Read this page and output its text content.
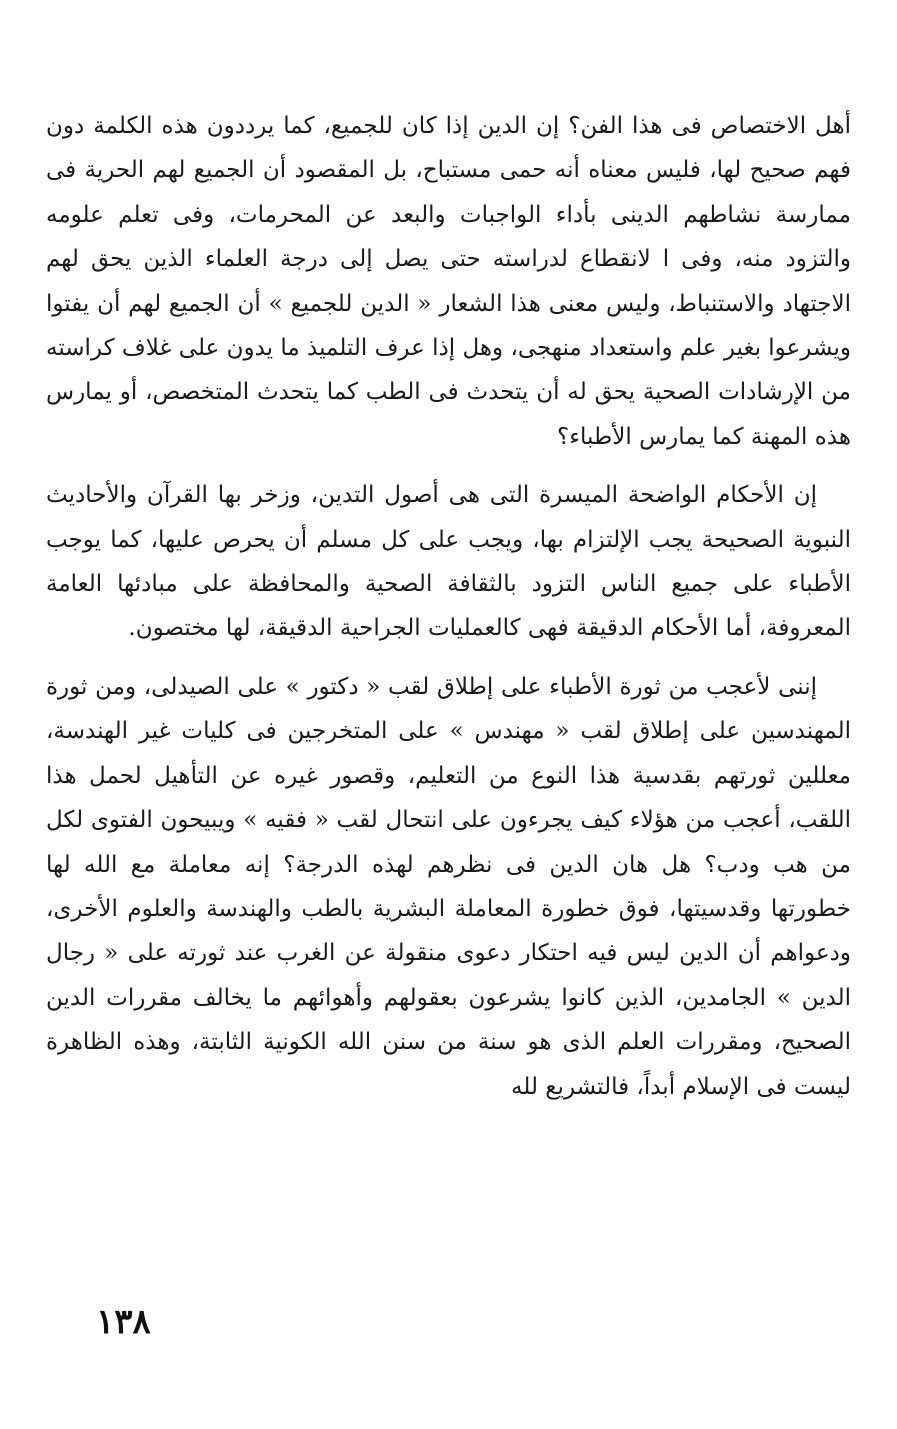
أهل الاختصاص فى هذا الفن؟ إن الدين إذا كان للجميع، كما يرددون هذه الكلمة دون فهم صحيح لها، فليس معناه أنه حمى مستباح، بل المقصود أن الجميع لهم الحرية فى ممارسة نشاطهم الدينى بأداء الواجبات والبعد عن المحرمات، وفى تعلم علومه والتزود منه، وفى ا لانقطاع لدراسته حتى يصل إلى درجة العلماء الذين يحق لهم الاجتهاد والاستنباط، وليس معنى هذا الشعار « الدين للجميع » أن الجميع لهم أن يفتوا ويشرعوا بغير علم واستعداد منهجى، وهل إذا عرف التلميذ ما يدون على غلاف كراسته من الإرشادات الصحية يحق له أن يتحدث فى الطب كما يتحدث المتخصص، أو يمارس هذه المهنة كما يمارس الأطباء؟

إن الأحكام الواضحة الميسرة التى هى أصول التدين، وزخر بها القرآن والأحاديث النبوية الصحيحة يجب الإلتزام بها، ويجب على كل مسلم أن يحرص عليها، كما يوجب الأطباء على جميع الناس التزود بالثقافة الصحية والمحافظة على مبادئها العامة المعروفة، أما الأحكام الدقيقة فهى كالعمليات الجراحية الدقيقة، لها مختصون.

إننى لأعجب من ثورة الأطباء على إطلاق لقب « دكتور » على الصيدلى، ومن ثورة المهندسين على إطلاق لقب « مهندس » على المتخرجين فى كليات غير الهندسة، معللين ثورتهم بقدسية هذا النوع من التعليم، وقصور غيره عن التأهيل لحمل هذا اللقب، أعجب من هؤلاء كيف يجرءون على انتحال لقب « فقيه » ويبيحون الفتوى لكل من هب ودب؟ هل هان الدين فى نظرهم لهذه الدرجة؟ إنه معاملة مع الله لها خطورتها وقدسيتها، فوق خطورة المعاملة البشرية بالطب والهندسة والعلوم الأخرى، ودعواهم أن الدين ليس فيه احتكار دعوى منقولة عن الغرب عند ثورته على « رجال الدين » الجامدين، الذين كانوا يشرعون بعقولهم وأهوائهم ما يخالف مقررات الدين الصحيح، ومقررات العلم الذى هو سنة من سنن الله الكونية الثابتة، وهذه الظاهرة ليست فى الإسلام أبداً، فالتشريع لله

١٣٨
